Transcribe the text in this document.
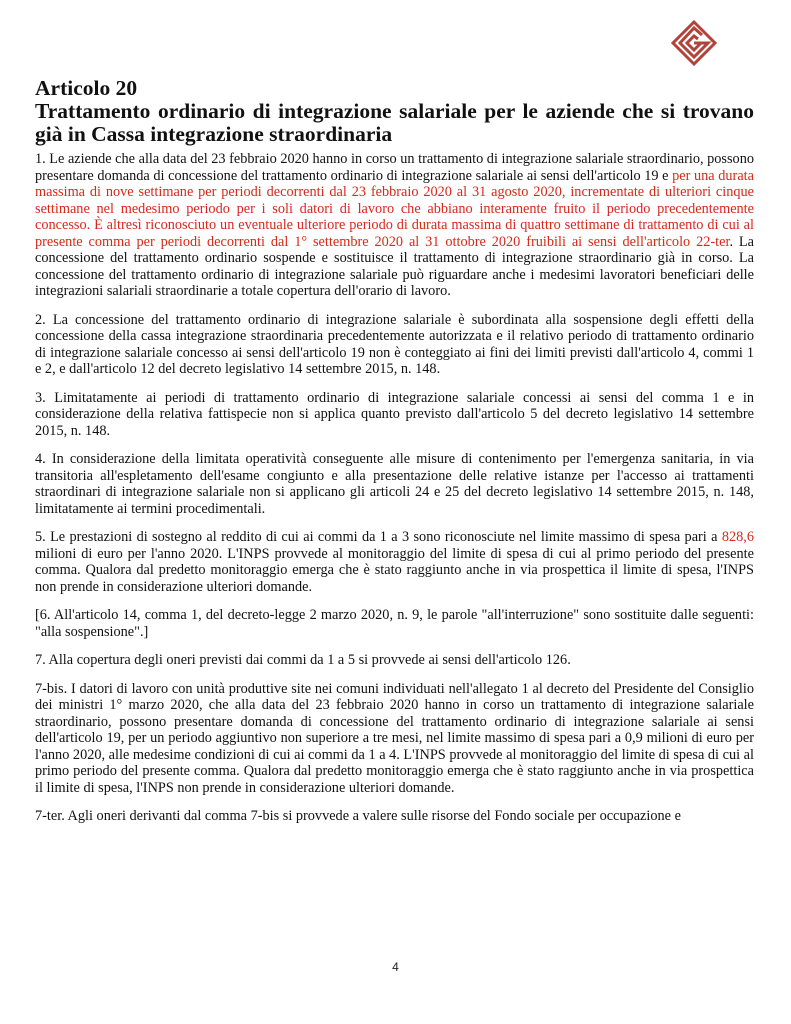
Articolo 20
Trattamento ordinario di integrazione salariale per le aziende che si trovano già in Cassa integrazione straordinaria

1. Le aziende che alla data del 23 febbraio 2020 hanno in corso un trattamento di integrazione salariale straordinario, possono presentare domanda di concessione del trattamento ordinario di integrazione salariale ai sensi dell'articolo 19 e per una durata massima di nove settimane per periodi decorrenti dal 23 febbraio 2020 al 31 agosto 2020, incrementate di ulteriori cinque settimane nel medesimo periodo per i soli datori di lavoro che abbiano interamente fruito il periodo precedentemente concesso. È altresì riconosciuto un eventuale ulteriore periodo di durata massima di quattro settimane di trattamento di cui al presente comma per periodi decorrenti dal 1° settembre 2020 al 31 ottobre 2020 fruibili ai sensi dell'articolo 22-ter. La concessione del trattamento ordinario sospende e sostituisce il trattamento di integrazione straordinario già in corso. La concessione del trattamento ordinario di integrazione salariale può riguardare anche i medesimi lavoratori beneficiari delle integrazioni salariali straordinarie a totale copertura dell'orario di lavoro.

2. La concessione del trattamento ordinario di integrazione salariale è subordinata alla sospensione degli effetti della concessione della cassa integrazione straordinaria precedentemente autorizzata e il relativo periodo di trattamento ordinario di integrazione salariale concesso ai sensi dell'articolo 19 non è conteggiato ai fini dei limiti previsti dall'articolo 4, commi 1 e 2, e dall'articolo 12 del decreto legislativo 14 settembre 2015, n. 148.

3. Limitatamente ai periodi di trattamento ordinario di integrazione salariale concessi ai sensi del comma 1 e in considerazione della relativa fattispecie non si applica quanto previsto dall'articolo 5 del decreto legislativo 14 settembre 2015, n. 148.

4. In considerazione della limitata operatività conseguente alle misure di contenimento per l'emergenza sanitaria, in via transitoria all'espletamento dell'esame congiunto e alla presentazione delle relative istanze per l'accesso ai trattamenti straordinari di integrazione salariale non si applicano gli articoli 24 e 25 del decreto legislativo 14 settembre 2015, n. 148, limitatamente ai termini procedimentali.

5. Le prestazioni di sostegno al reddito di cui ai commi da 1 a 3 sono riconosciute nel limite massimo di spesa pari a 828,6 milioni di euro per l'anno 2020. L'INPS provvede al monitoraggio del limite di spesa di cui al primo periodo del presente comma. Qualora dal predetto monitoraggio emerga che è stato raggiunto anche in via prospettica il limite di spesa, l'INPS non prende in considerazione ulteriori domande.

[6. All'articolo 14, comma 1, del decreto-legge 2 marzo 2020, n. 9, le parole "all'interruzione" sono sostituite dalle seguenti: "alla sospensione".]

7. Alla copertura degli oneri previsti dai commi da 1 a 5 si provvede ai sensi dell'articolo 126.

7-bis. I datori di lavoro con unità produttive site nei comuni individuati nell'allegato 1 al decreto del Presidente del Consiglio dei ministri 1° marzo 2020, che alla data del 23 febbraio 2020 hanno in corso un trattamento di integrazione salariale straordinario, possono presentare domanda di concessione del trattamento ordinario di integrazione salariale ai sensi dell'articolo 19, per un periodo aggiuntivo non superiore a tre mesi, nel limite massimo di spesa pari a 0,9 milioni di euro per l'anno 2020, alle medesime condizioni di cui ai commi da 1 a 4. L'INPS provvede al monitoraggio del limite di spesa di cui al primo periodo del presente comma. Qualora dal predetto monitoraggio emerga che è stato raggiunto anche in via prospettica il limite di spesa, l'INPS non prende in considerazione ulteriori domande.

7-ter. Agli oneri derivanti dal comma 7-bis si provvede a valere sulle risorse del Fondo sociale per occupazione e

4
